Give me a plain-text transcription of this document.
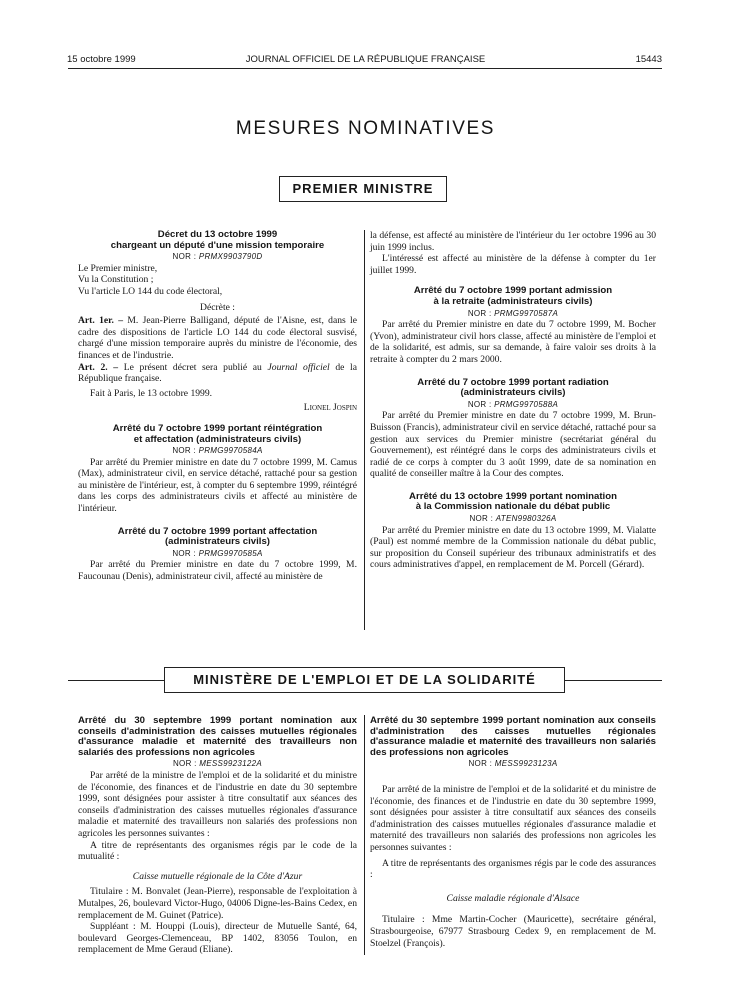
15 octobre 1999	JOURNAL OFFICIEL DE LA RÉPUBLIQUE FRANÇAISE	15443
MESURES NOMINATIVES
PREMIER MINISTRE

Décret du 13 octobre 1999

chargeant un député d'une mission temporaire

NOR : PRMX9903790D

Le Premier ministre,

Vu la Constitution ;

Vu l'article LO 144 du code électoral,

Décrète :

Art. 1er. – M. Jean-Pierre Balligand, député de l'Aisne, est, dans le cadre des dispositions de l'article LO 144 du code électoral susvisé, chargé d'une mission temporaire auprès du ministre de l'économie, des finances et de l'industrie.

Art. 2. – Le présent décret sera publié au Journal officiel de la République française.

Fait à Paris, le 13 octobre 1999.

Lionel Jospin

Arrêté du 7 octobre 1999 portant réintégration

et affectation (administrateurs civils)

NOR : PRMG9970584A

Par arrêté du Premier ministre en date du 7 octobre 1999, M. Camus (Max), administrateur civil, en service détaché, rattaché pour sa gestion au ministère de l'intérieur, est, à compter du 6 septembre 1999, réintégré dans les corps des administrateurs civils et affecté au ministère de l'intérieur.

Arrêté du 7 octobre 1999 portant affectation

(administrateurs civils)

NOR : PRMG9970585A

Par arrêté du Premier ministre en date du 7 octobre 1999, M. Faucounau (Denis), administrateur civil, affecté au ministère de

la défense, est affecté au ministère de l'intérieur du 1er octobre 1996 au 30 juin 1999 inclus.

L'intéressé est affecté au ministère de la défense à compter du 1er juillet 1999.

Arrêté du 7 octobre 1999 portant admission

à la retraite (administrateurs civils)

NOR : PRMG9970587A

Par arrêté du Premier ministre en date du 7 octobre 1999, M. Bocher (Yvon), administrateur civil hors classe, affecté au ministère de l'emploi et de la solidarité, est admis, sur sa demande, à faire valoir ses droits à la retraite à compter du 2 mars 2000.

Arrêté du 7 octobre 1999 portant radiation

(administrateurs civils)

NOR : PRMG9970588A

Par arrêté du Premier ministre en date du 7 octobre 1999, M. Brun-Buisson (Francis), administrateur civil en service détaché, rattaché pour sa gestion aux services du Premier ministre (secrétariat général du Gouvernement), est réintégré dans le corps des administrateurs civils et radié de ce corps à compter du 3 août 1999, date de sa nomination en qualité de conseiller maître à la Cour des comptes.

Arrêté du 13 octobre 1999 portant nomination

à la Commission nationale du débat public

NOR : ATEN9980326A

Par arrêté du Premier ministre en date du 13 octobre 1999, M. Vialatte (Paul) est nommé membre de la Commission nationale du débat public, sur proposition du Conseil supérieur des tribunaux administratifs et des cours administratives d'appel, en remplacement de M. Porcell (Gérard).

MINISTÈRE DE L'EMPLOI ET DE LA SOLIDARITÉ

Arrêté du 30 septembre 1999 portant nomination aux conseils d'administration des caisses mutuelles régionales d'assurance maladie et maternité des travailleurs non salariés des professions non agricoles

NOR : MESS9923122A

Par arrêté de la ministre de l'emploi et de la solidarité et du ministre de l'économie, des finances et de l'industrie en date du 30 septembre 1999, sont désignées pour assister à titre consultatif aux séances des conseils d'administration des caisses mutuelles régionales d'assurance maladie et maternité des travailleurs non salariés des professions non agricoles les personnes suivantes :

A titre de représentants des organismes régis par le code de la mutualité :

Caisse mutuelle régionale de la Côte d'Azur

Titulaire : M. Bonvalet (Jean-Pierre), responsable de l'exploitation à Mutalpes, 26, boulevard Victor-Hugo, 04006 Digne-les-Bains Cedex, en remplacement de M. Guinet (Patrice).

Suppléant : M. Houppi (Louis), directeur de Mutuelle Santé, 64, boulevard Georges-Clemenceau, BP 1402, 83056 Toulon, en remplacement de Mme Geraud (Eliane).

Arrêté du 30 septembre 1999 portant nomination aux conseils d'administration des caisses mutuelles régionales d'assurance maladie et maternité des travailleurs non salariés des professions non agricoles

NOR : MESS9923123A

Par arrêté de la ministre de l'emploi et de la solidarité et du ministre de l'économie, des finances et de l'industrie en date du 30 septembre 1999, sont désignées pour assister à titre consultatif aux séances des conseils d'administration des caisses mutuelles régionales d'assurance maladie et maternité des travailleurs non salariés des professions non agricoles les personnes suivantes :

A titre de représentants des organismes régis par le code des assurances :

Caisse maladie régionale d'Alsace

Titulaire : Mme Martin-Cocher (Mauricette), secrétaire général, Strasbourgeoise, 67977 Strasbourg Cedex 9, en remplacement de M. Stoelzel (François).
